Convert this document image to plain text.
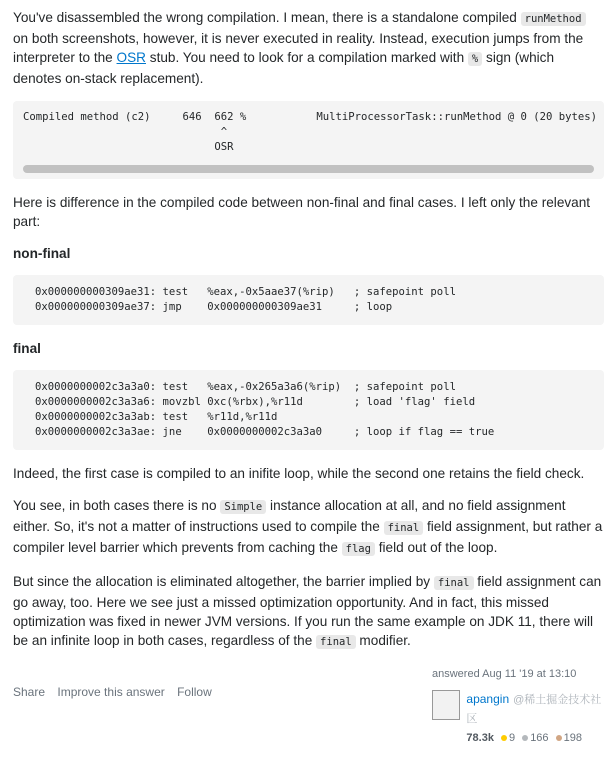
You've disassembled the wrong compilation. I mean, there is a standalone compiled runMethod on both screenshots, however, it is never executed in reality. Instead, execution jumps from the interpreter to the OSR stub. You need to look for a compilation marked with % sign (which denotes on-stack replacement).

Compiled method (c2)     646  662 %           MultiProcessorTask::runMethod @ 0 (20 bytes)
^
OSR

Here is difference in the compiled code between non-final and final cases. I left only the relevant part:

non-final
0x000000000309ae31: test   %eax,-0x5aae37(%rip)   ; safepoint poll
0x000000000309ae37: jmp    0x000000000309ae31     ; loop
final
0x0000000002c3a3a0: test   %eax,-0x265a3a6(%rip)  ; safepoint poll
0x0000000002c3a3a6: movzbl 0xc(%rbx),%r11d        ; load 'flag' field
0x0000000002c3a3ab: test   %r11d,%r11d
0x0000000002c3a3ae: jne    0x0000000002c3a3a0     ; loop if flag == true

Indeed, the first case is compiled to an inifite loop, while the second one retains the field check.

You see, in both cases there is no Simple instance allocation at all, and no field assignment either. So, it's not a matter of instructions used to compile the final field assignment, but rather a compiler level barrier which prevents from caching the flag field out of the loop.

But since the allocation is eliminated altogether, the barrier implied by final field assignment can go away, too. Here we see just a missed optimization opportunity. And in fact, this missed optimization was fixed in newer JVM versions. If you run the same example on JDK 11, there will be an infinite loop in both cases, regardless of the final modifier.

Share Improve this answer Follow
answered Aug 11 '19 at 13:10
apangin @稀土掘金技术社区
78.3k 9 166 198
